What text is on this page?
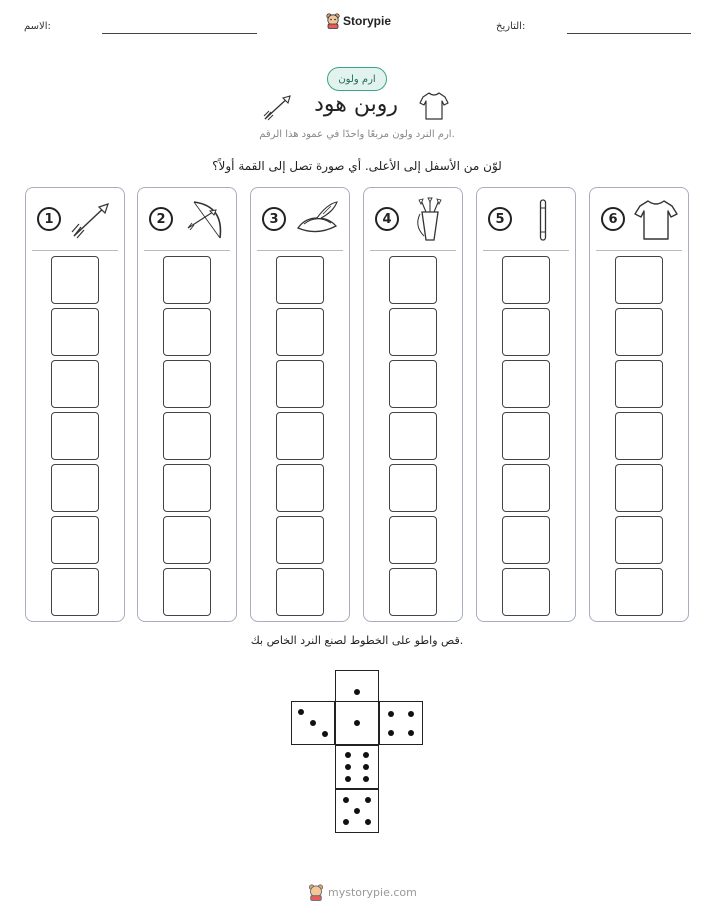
الاسم:	Storypie	التاريخ:
ارم ولون
روبن هود
ارم النرد ولون مربعًا واحدًا في عمود هذا الرقم.
لوّن من الأسفل إلى الأعلى. أي صورة تصل إلى القمة أولاً؟
1	2	3	4	5	6
قص واطو على الخطوط لصنع النرد الخاص بك.
mystorypie.com
